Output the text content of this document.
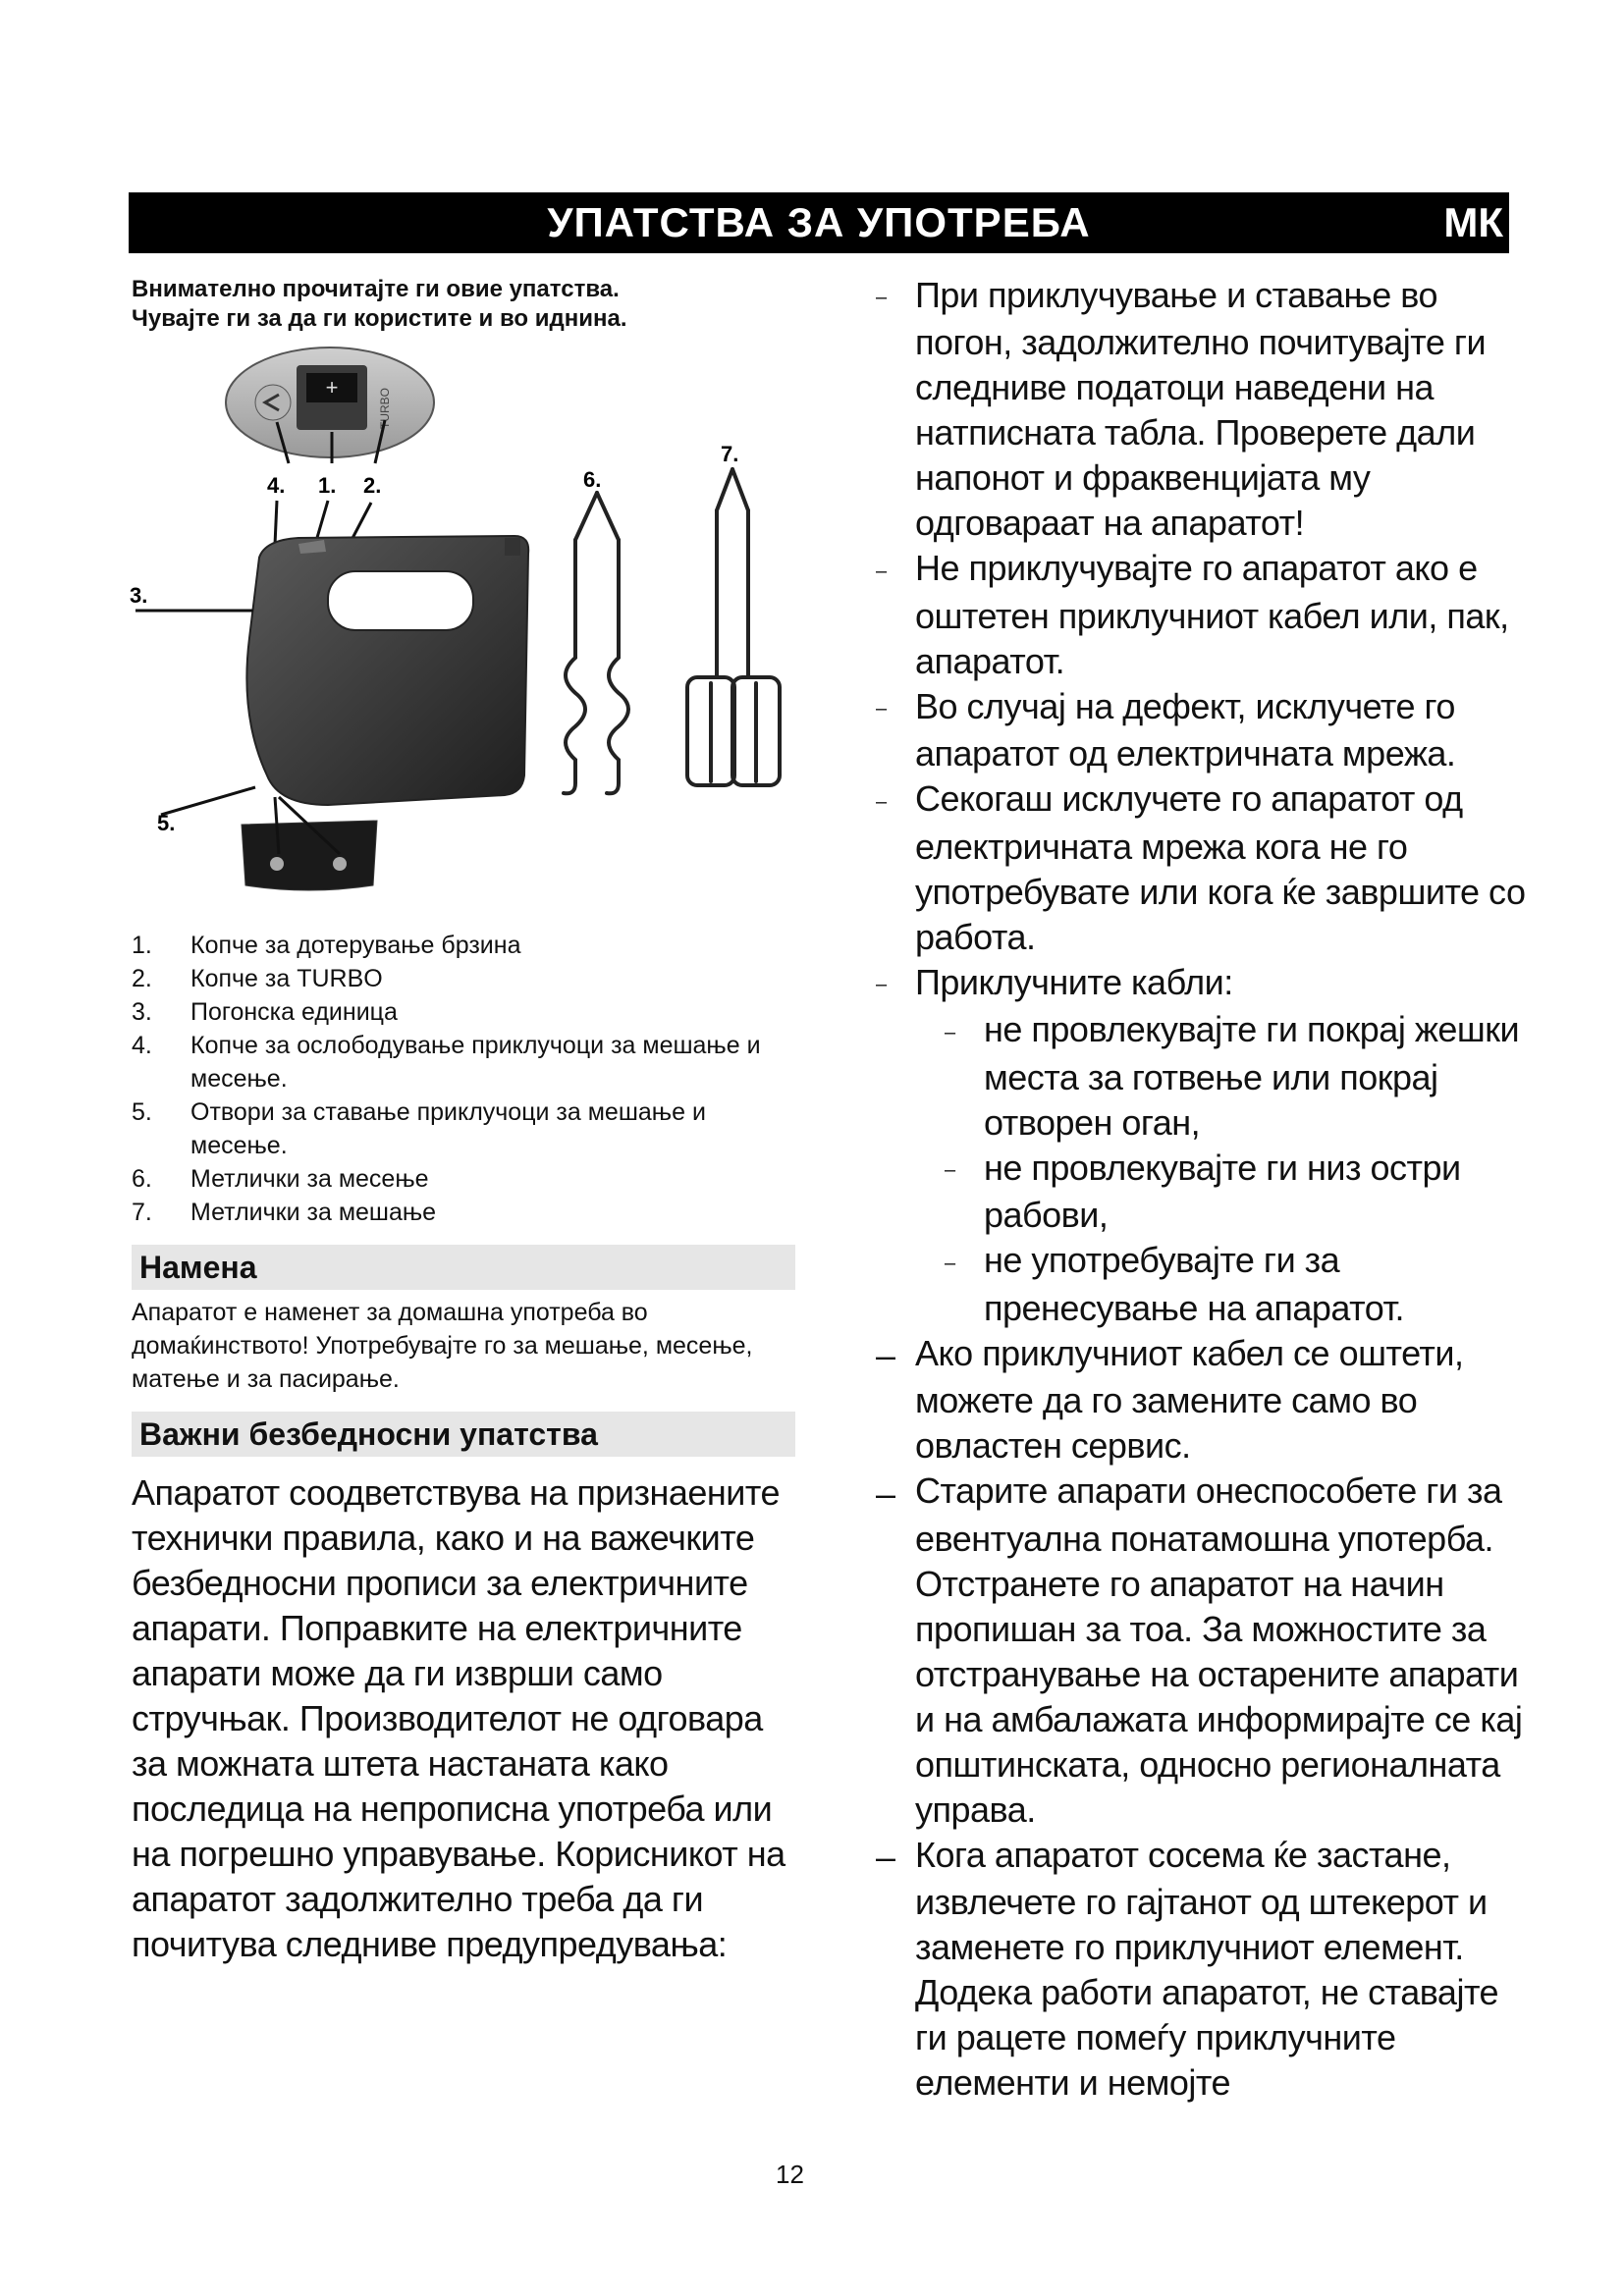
УПАТСТВА ЗА УПОТРЕБА	МК

Внимателно прочитајте ги овие упатства.
Чувајте ги за да ги користите и во иднина.

+
TURBO
4. 1. 2.
3.
5.
6.
7.
1. Копче за дотерување брзина
2. Копче за TURBO
3. Погонска единица
4. Копче за ослободување приклучоци за мешање и месење.
5. Отвори за ставање приклучоци за мешање и месење.
6. Метлички за месење
7. Метлички за мешање
Намена

Апаратот е наменет за домашна употреба во домаќинството! Употребувајте го за мешање, месење, матење и за пасирање.

Важни безбедносни упатства

Апаратот соодветствува на признаените технички правила, како и на важечките безбедносни прописи за електричните апарати. Поправките на електричните апарати може да ги изврши само стручњак. Производителот не одговара за можната штета настаната како последица на непрописна употреба или на погрешно управување. Корисникот на апаратот задолжително треба да ги почитува следниве предупредувања:

– При приклучување и ставање во погон, задолжително почитувајте ги следниве податоци наведени на натписната табла. Проверете дали напонот и фраквенцијата му одговараат на апаратот!
– Не приклучувајте го апаратот ако е оштетен приклучниот кабел или, пак, апаратот.
– Во случај на дефект, исклучете го апаратот од електричната мрежа.
– Секогаш исклучете го апаратот од електричната мрежа кога не го употребувате или кога ќе завршите со работа.
– Приклучните кабли:
– не провлекувајте ги покрај жешки места за готвење или покрај отворен оган,
– не провлекувајте ги низ остри рабови,
– не употребувајте ги за пренесување на апаратот.
– Ако приклучниот кабел се оштети, можете да го замените само во овластен сервис.
– Старите апарати онеспособете ги за евентуална понатамошна употерба. Отстранете го апаратот на начин пропишан за тоа. За можностите за отстранување на остарените апарати и на амбалажата информирајте се кај општинската, односно регионалната управа.
– Кога апаратот сосема ќе застане, извлечете го гајтанот од штекерот и заменете го приклучниот елемент. Додека работи апаратот, не ставајте ги рацете помеѓу приклучните елементи и немојте
12
